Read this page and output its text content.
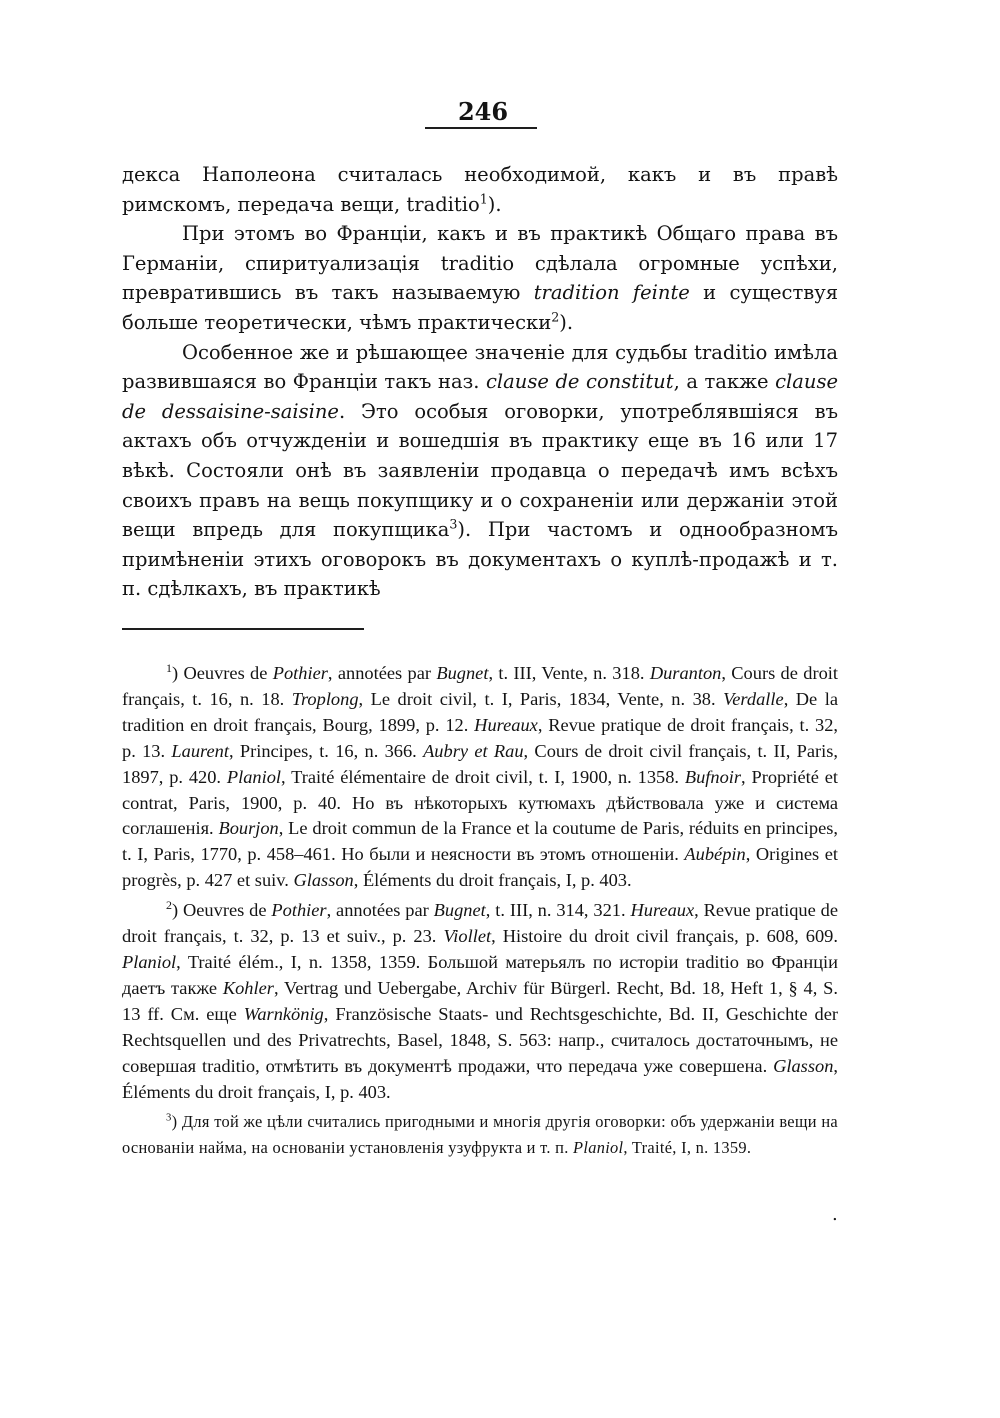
246

декса Наполеона считалась необходимой, какъ и въ правѣ римскомъ, передача вещи, traditio$^1$).

При этомъ во Франціи, какъ и въ практикѣ Общаго права въ Германіи, спиритуализація traditio сдѣлала огромные успѣхи, превратившись въ такъ называемую tradition feinte и существуя больше теоретически, чѣмъ практически$^2$).

Особенное же и рѣшающее значеніе для судьбы traditio имѣла развившаяся во Франціи такъ наз. clause de constitut, а также clause de dessaisine-saisine. Это особыя оговорки, употреблявшіяся въ актахъ объ отчужденіи и вошедшія въ практику еще въ 16 или 17 вѣкѣ. Состояли онѣ въ заявленіи продавца о передачѣ имъ всѣхъ своихъ правъ на вещь покупщику и о сохраненіи или держаніи этой вещи впредь для покупщика$^3$). При частомъ и однообразномъ примѣненіи этихъ оговорокъ въ документахъ о куплѣ-продажѣ и т. п. сдѣлкахъ, въ практикѣ

$^1$) Oeuvres de Pothier, annotées par Bugnet, t. III, Vente, n. 318. Duranton, Cours de droit français, t. 16, n. 18. Troplong, Le droit civil, t. I, Paris, 1834, Vente, n. 38. Verdalle, De la tradition en droit français, Bourg, 1899, p. 12. Hureaux, Revue pratique de droit français, t. 32, p. 13. Laurent, Principes, t. 16, n. 366. Aubry et Rau, Cours de droit civil français, t. II, Paris, 1897, p. 420. Planiol, Traité élémentaire de droit civil, t. I, 1900, n. 1358. Bufnoir, Propriété et contrat, Paris, 1900, p. 40. Но въ нѣкоторыхъ кутюмахъ дѣйствовала уже и система соглашенія. Bourjon, Le droit commun de la France et la coutume de Paris, réduits en principes, t. I, Paris, 1770, p. 458–461. Но были и неясности въ этомъ отношеніи. Aubépin, Origines et progrès, p. 427 et suiv. Glasson, Éléments du droit français, I, p. 403.

$^2$) Oeuvres de Pothier, annotées par Bugnet, t. III, n. 314, 321. Hureaux, Revue pratique de droit français, t. 32, p. 13 et suiv., p. 23. Viollet, Histoire du droit civil français, p. 608, 609. Planiol, Traité élém., I, n. 1358, 1359. Большой матерьялъ по исторіи traditio во Франціи даетъ также Kohler, Vertrag und Uebergabe, Archiv für Bürgerl. Recht, Bd. 18, Heft 1, § 4, S. 13 ff. См. еще Warnkönig, Französische Staats- und Rechtsgeschichte, Bd. II, Geschichte der Rechtsquellen und des Privatrechts, Basel, 1848, S. 563: напр., считалось достаточнымъ, не совершая traditio, отмѣтить въ документѣ продажи, что передача уже совершена. Glasson, Éléments du droit français, I, p. 403.

$^3$) Для той же цѣли считались пригодными и многія другія оговорки: объ удержаніи вещи на основаніи найма, на основаніи установленія узуфрукта и т. п. Planiol, Traité, I, n. 1359.

.
